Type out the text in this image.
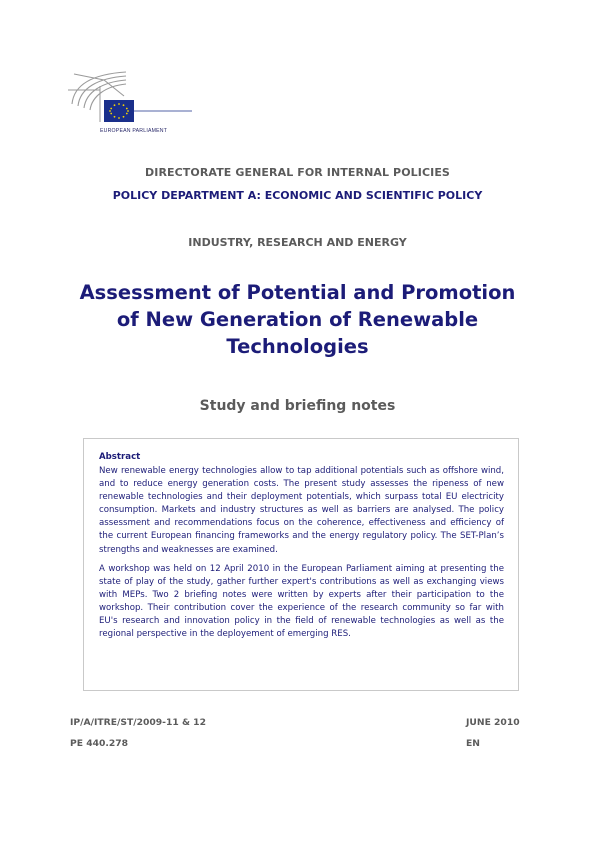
EUROPEAN PARLIAMENT
DIRECTORATE GENERAL FOR INTERNAL POLICIES
POLICY DEPARTMENT A: ECONOMIC AND SCIENTIFIC POLICY
INDUSTRY, RESEARCH AND ENERGY
Assessment of Potential and Promotion
of New Generation of Renewable
Technologies
Study and briefing notes
Abstract

New renewable energy technologies allow to tap additional potentials such as offshore wind, and to reduce energy generation costs. The present study assesses the ripeness of new renewable technologies and their deployment potentials, which surpass total EU electricity consumption. Markets and industry structures as well as barriers are analysed. The policy assessment and recommendations focus on the coherence, effectiveness and efficiency of the current European financing frameworks and the energy regulatory policy. The SET-Plan’s strengths and weaknesses are examined.

A workshop was held on 12 April 2010 in the European Parliament aiming at presenting the state of play of the study, gather further expert's contributions as well as exchanging views with MEPs. Two 2 briefing notes were written by experts after their participation to the workshop. Their contribution cover the experience of the research community so far with EU's research and innovation policy in the field of renewable technologies as well as the regional perspective in the deployement of emerging RES.

IP/A/ITRE/ST/2009-11 & 12
PE 440.278
JUNE 2010
EN
